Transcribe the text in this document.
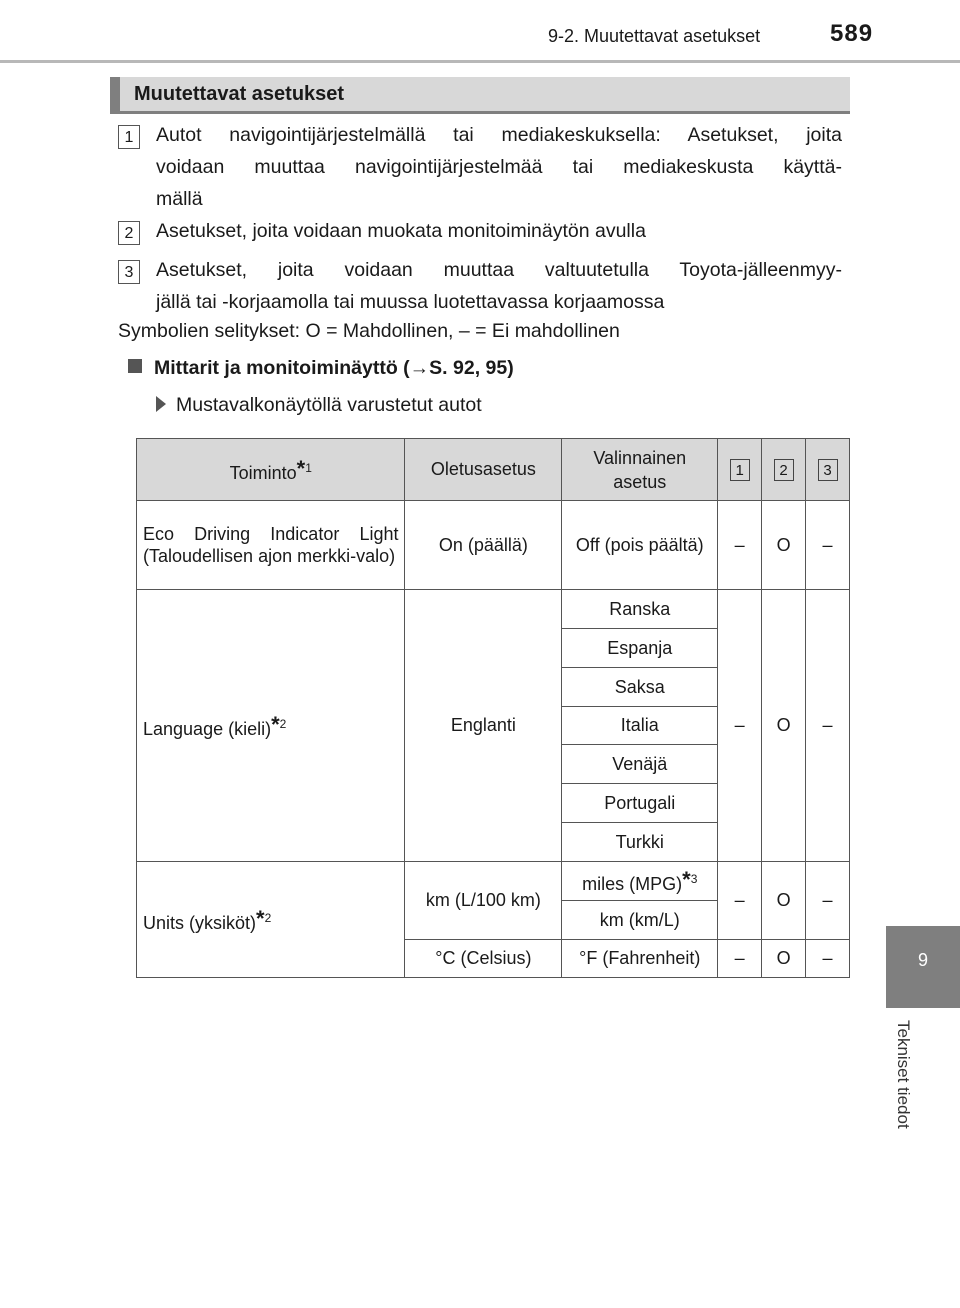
9-2. Muutettavat asetukset	589
9
Tekniset tiedot
Muutettavat asetukset
1	Autot navigointijärjestelmällä tai mediakeskuksella: Asetukset, joita
voidaan muuttaa navigointijärjestelmää tai mediakeskusta käyttä-
mällä
2	Asetukset, joita voidaan muokata monitoiminäytön avulla
3	Asetukset, joita voidaan muuttaa valtuutetulla Toyota-jälleenmyy-
jällä tai -korjaamolla tai muussa luotettavassa korjaamossa
Symbolien selitykset: O = Mahdollinen, – = Ei mahdollinen
Mittarit ja monitoiminäyttö (→S. 92, 95)
Mustavalkonäytöllä varustetut autot
Toiminto$^{*1}$	Oletusasetus	Valinnainen asetus	1	2	3
Eco Driving Indicator Light (Taloudellisen ajon merkki-valo)	On (päällä)	Off (pois päältä)	–	O	–
Language (kieli)$^{*2}$	Englanti	Ranska	–	O	–
		Espanja			
		Saksa			
		Italia			
		Venäjä			
		Portugali			
		Turkki			
Units (yksiköt)$^{*2}$	km (L/100 km)	miles (MPG)$^{*3}$	–	O	–
		km (km/L)			
	°C (Celsius)	°F (Fahrenheit)	–	O	–
